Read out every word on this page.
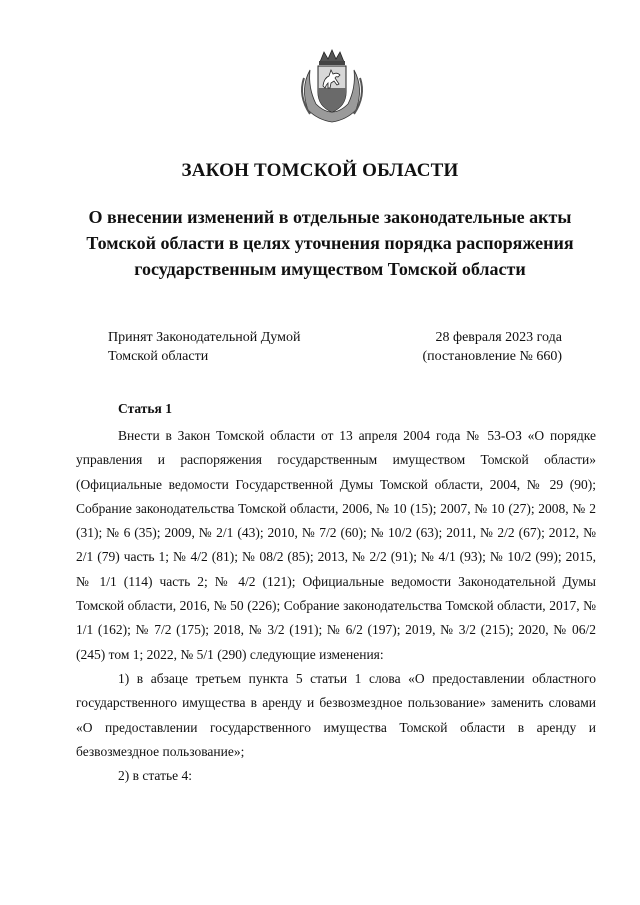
ЗАКОН ТОМСКОЙ ОБЛАСТИ
О внесении изменений в отдельные законодательные акты Томской области в целях уточнения порядка распоряжения государственным имуществом Томской области
Принят Законодательной Думой
Томской области
28 февраля 2023 года
(постановление № 660)
Статья 1

Внести в Закон Томской области от 13 апреля 2004 года № 53-ОЗ «О порядке управления и распоряжения государственным имуществом Томской области» (Официальные ведомости Государственной Думы Томской области, 2004, № 29 (90); Собрание законодательства Томской области, 2006, № 10 (15); 2007, № 10 (27); 2008, № 2 (31); № 6 (35); 2009, № 2/1 (43); 2010, № 7/2 (60); № 10/2 (63); 2011, № 2/2 (67); 2012, № 2/1 (79) часть 1; № 4/2 (81); № 08/2 (85); 2013, № 2/2 (91); № 4/1 (93); № 10/2 (99); 2015, № 1/1 (114) часть 2; № 4/2 (121); Официальные ведомости Законодательной Думы Томской области, 2016, № 50 (226); Собрание законодательства Томской области, 2017, № 1/1 (162); № 7/2 (175); 2018, № 3/2 (191); № 6/2 (197); 2019, № 3/2 (215); 2020, № 06/2 (245) том 1; 2022, № 5/1 (290) следующие изменения:

1) в абзаце третьем пункта 5 статьи 1 слова «О предоставлении областного государственного имущества в аренду и безвозмездное пользование» заменить словами «О предоставлении государственного имущества Томской области в аренду и безвозмездное пользование»;

2) в статье 4:
